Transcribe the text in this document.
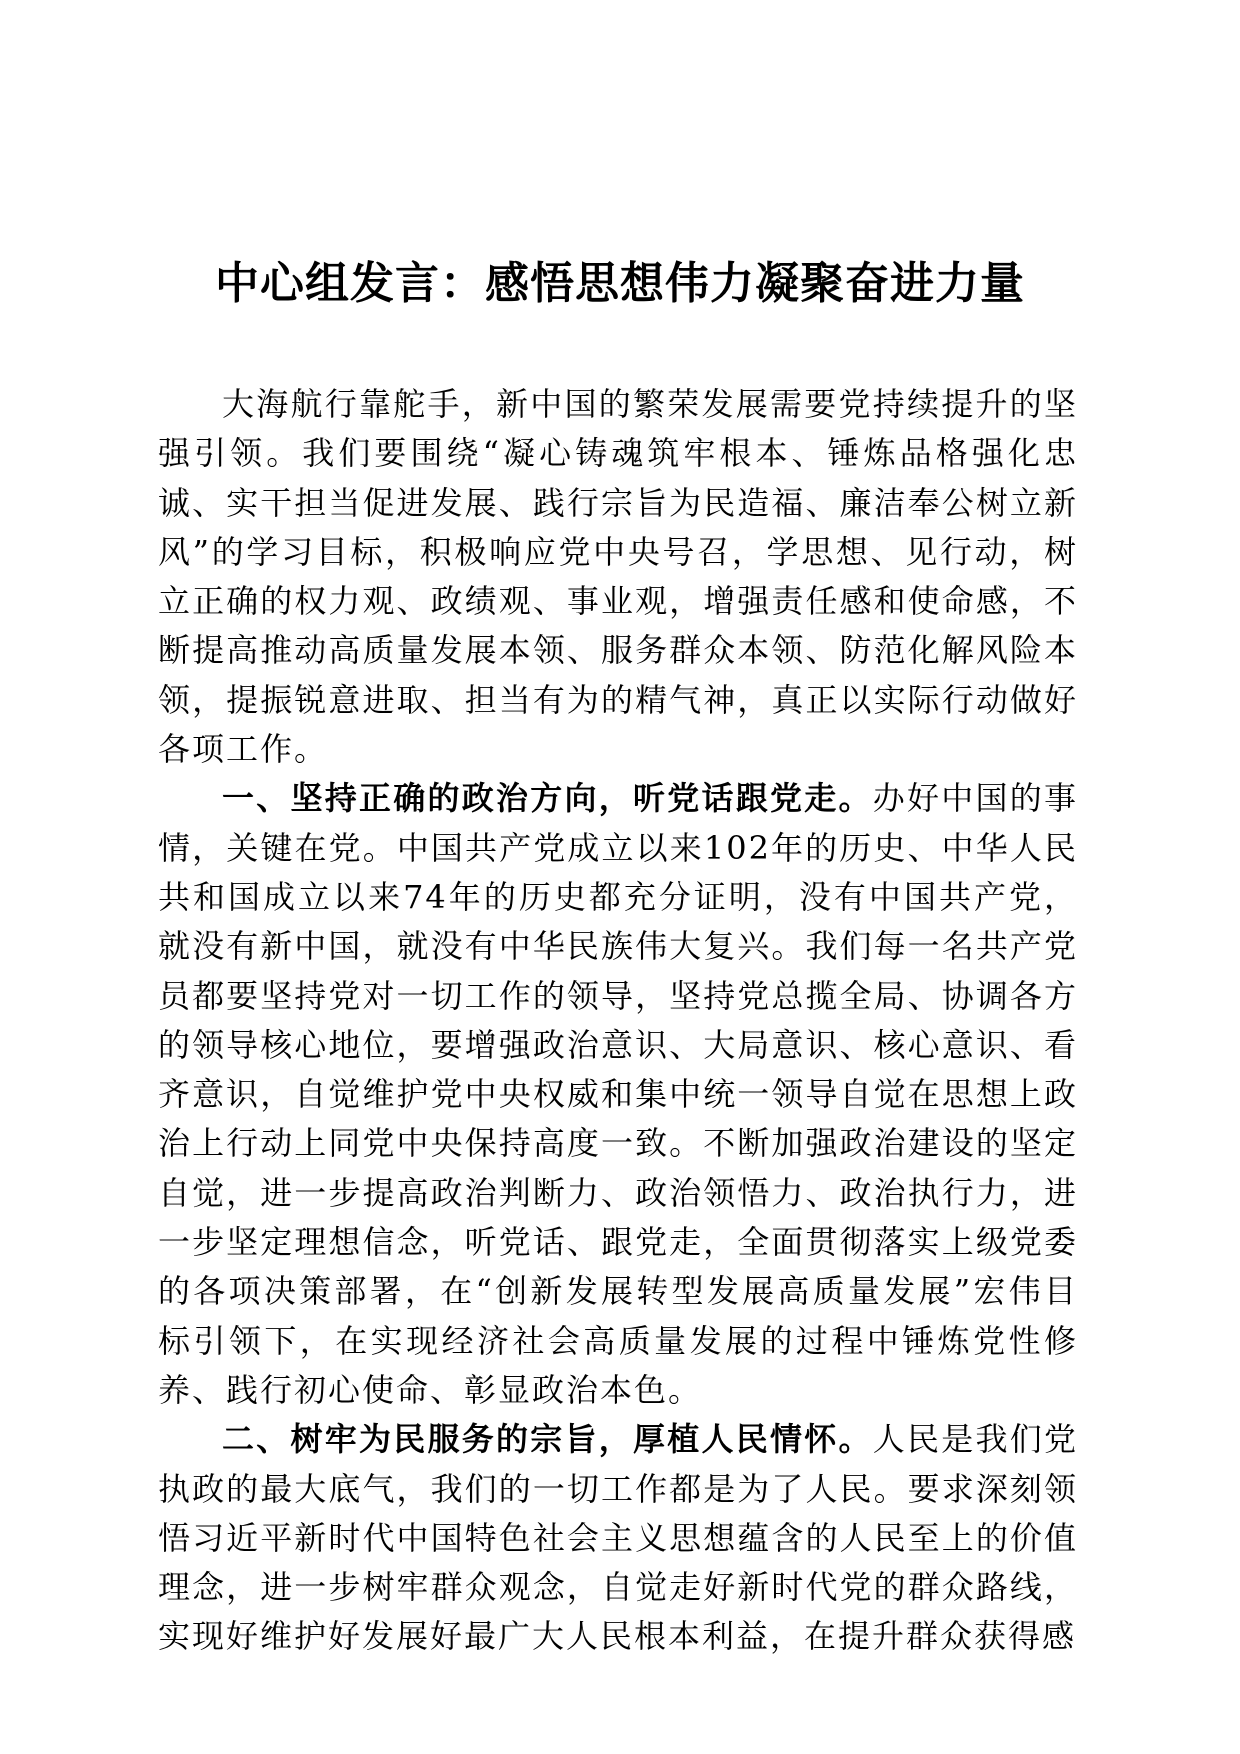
中心组发言：感悟思想伟力凝聚奋进力量

大海航行靠舵手，新中国的繁荣发展需要党持续提升的坚强引领。我们要围绕“凝心铸魂筑牢根本、锤炼品格强化忠诚、实干担当促进发展、践行宗旨为民造福、廉洁奉公树立新风”的学习目标，积极响应党中央号召，学思想、见行动，树立正确的权力观、政绩观、事业观，增强责任感和使命感，不断提高推动高质量发展本领、服务群众本领、防范化解风险本领，提振锐意进取、担当有为的精气神，真正以实际行动做好各项工作。

一、坚持正确的政治方向，听党话跟党走。办好中国的事情，关键在党。中国共产党成立以来102年的历史、中华人民共和国成立以来74年的历史都充分证明，没有中国共产党，就没有新中国，就没有中华民族伟大复兴。我们每一名共产党员都要坚持党对一切工作的领导，坚持党总揽全局、协调各方的领导核心地位，要增强政治意识、大局意识、核心意识、看齐意识，自觉维护党中央权威和集中统一领导自觉在思想上政治上行动上同党中央保持高度一致。不断加强政治建设的坚定自觉，进一步提高政治判断力、政治领悟力、政治执行力，进一步坚定理想信念，听党话、跟党走，全面贯彻落实上级党委的各项决策部署，在“创新发展转型发展高质量发展”宏伟目标引领下，在实现经济社会高质量发展的过程中锤炼党性修养、践行初心使命、彰显政治本色。

二、树牢为民服务的宗旨，厚植人民情怀。人民是我们党执政的最大底气，我们的一切工作都是为了人民。要求深刻领悟习近平新时代中国特色社会主义思想蕴含的人民至上的价值理念，进一步树牢群众观念，自觉走好新时代党的群众路线，实现好维护好发展好最广大人民根本利益，在提升群众获得感
